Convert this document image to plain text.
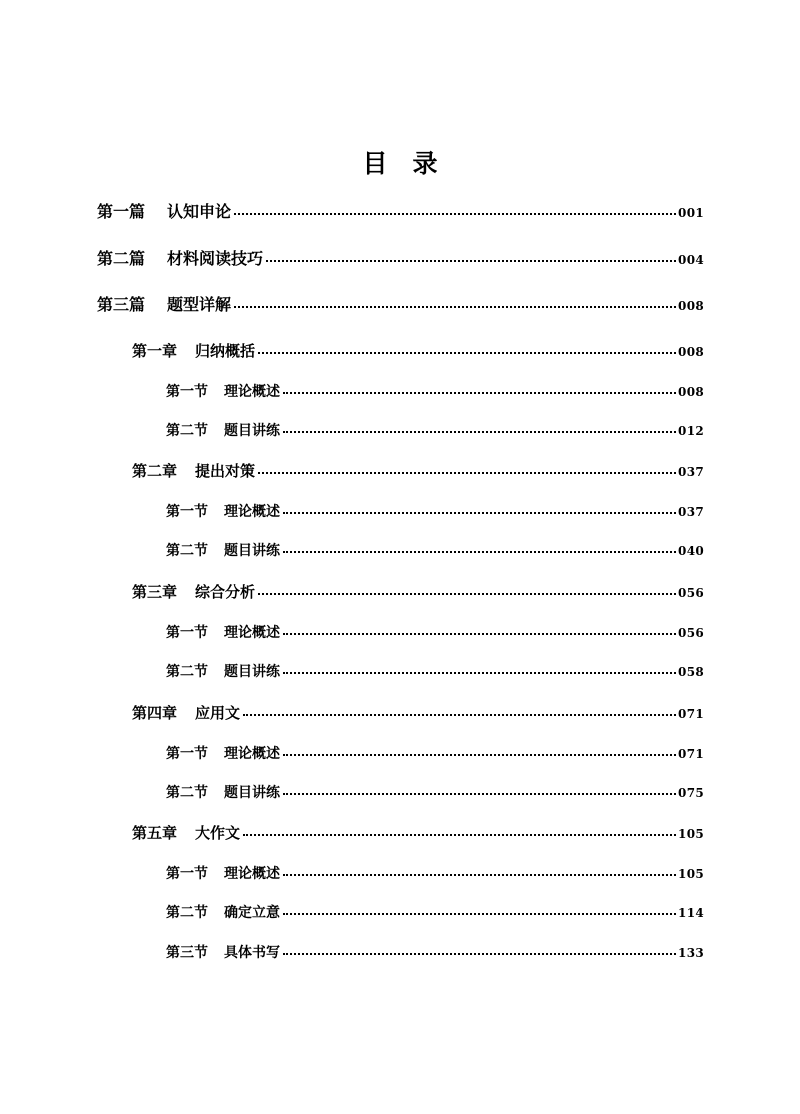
目　录
第一篇 认知申论	001
第二篇 材料阅读技巧	004
第三篇 题型详解	008
第一章 归纳概括	008
第一节 理论概述	008
第二节 题目讲练	012
第二章 提出对策	037
第一节 理论概述	037
第二节 题目讲练	040
第三章 综合分析	056
第一节 理论概述	056
第二节 题目讲练	058
第四章 应用文	071
第一节 理论概述	071
第二节 题目讲练	075
第五章 大作文	105
第一节 理论概述	105
第二节 确定立意	114
第三节 具体书写	133
